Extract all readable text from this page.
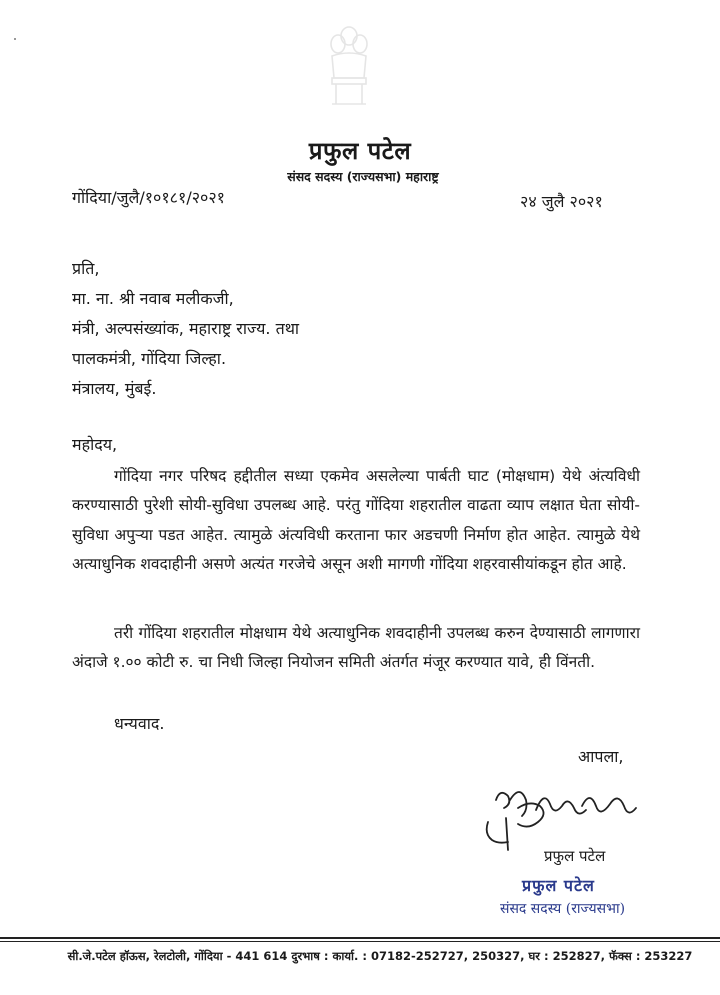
प्रफुल पटेल
संसद सदस्य (राज्यसभा) महाराष्ट्र
गोंदिया/जुलै/१०१८१/२०२१	२४ जुलै २०२१
प्रति,
मा. ना. श्री नवाब मलीकजी,
मंत्री, अल्पसंख्यांक, महाराष्ट्र राज्य. तथा
पालकमंत्री, गोंदिया जिल्हा.
मंत्रालय, मुंबई.
महोदय,
गोंदिया नगर परिषद हद्दीतील सध्या एकमेव असलेल्या पार्बती घाट (मोक्षधाम) येथे अंत्यविधी करण्यासाठी पुरेशी सोयी-सुविधा उपलब्ध आहे. परंतु गोंदिया शहरातील वाढता व्याप लक्षात घेता सोयी-सुविधा अपुऱ्या पडत आहेत. त्यामुळे अंत्यविधी करताना फार अडचणी निर्माण होत आहेत. त्यामुळे येथे अत्याधुनिक शवदाहीनी असणे अत्यंत गरजेचे असून अशी मागणी गोंदिया शहरवासीयांकडून होत आहे.
तरी गोंदिया शहरातील मोक्षधाम येथे अत्याधुनिक शवदाहीनी उपलब्ध करुन देण्यासाठी लागणारा अंदाजे १.०० कोटी रु. चा निधी जिल्हा नियोजन समिती अंतर्गत मंजूर करण्यात यावे, ही विंनती.
धन्यवाद.
आपला,
प्रफुल पटेल
प्रफुल पटेल
संसद सदस्य (राज्यसभा)
सी.जे.पटेल हॉऊस, रेलटोली, गोंदिया - 441 614 दुरभाष : कार्या. : 07182-252727, 250327, घर : 252827, फॅक्स : 253227
